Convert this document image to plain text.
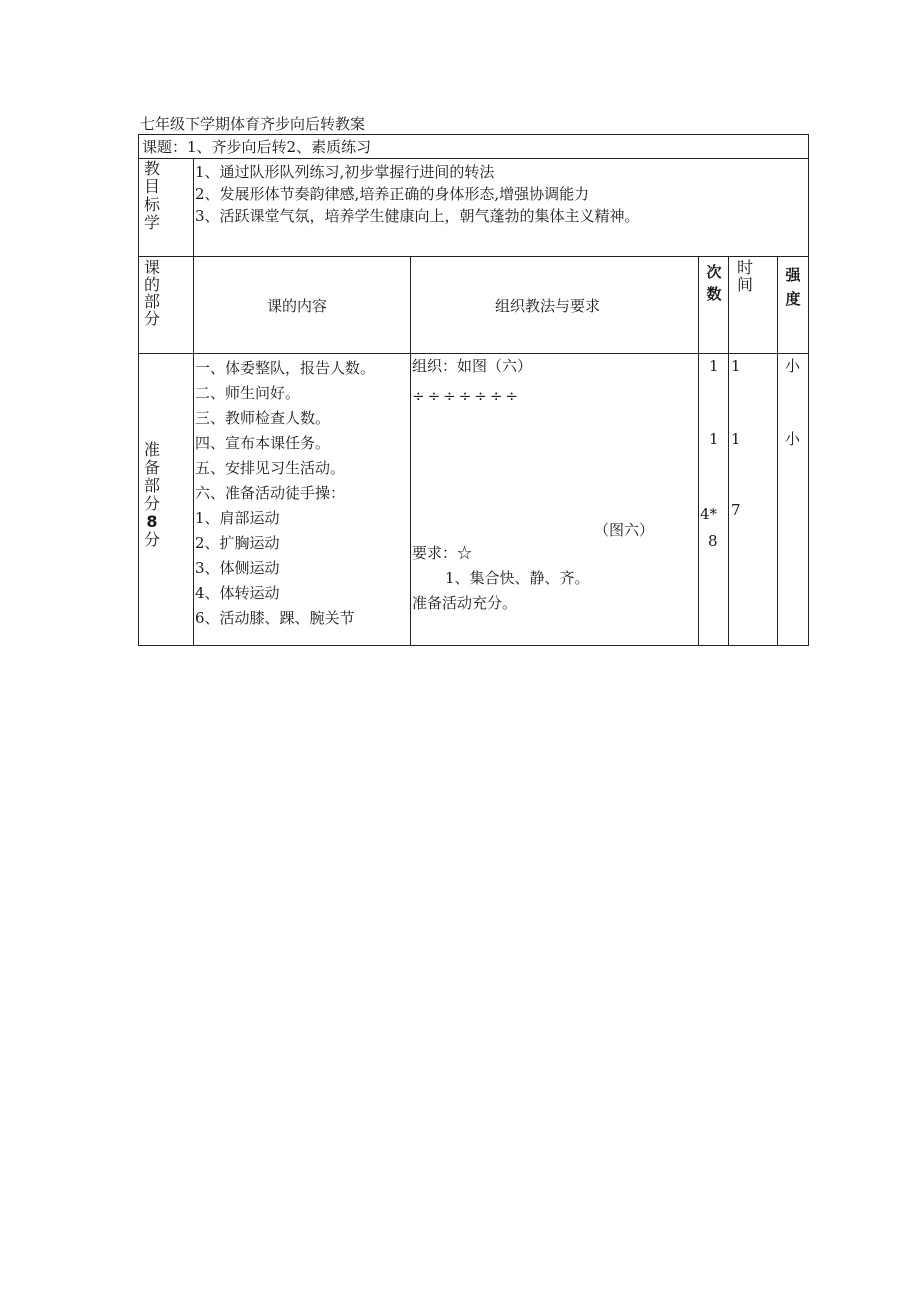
七年级下学期体育齐步向后转教案
课题：1、齐步向后转2、素质练习
教
目
标
学
1、通过队形队列练习,初步掌握行进间的转法
2、发展形体节奏韵律感,培养正确的身体形态,增强协调能力
3、活跃课堂气氛，培养学生健康向上，朝气蓬勃的集体主义精神。
课
的
部
分
课的内容	组织教法与要求
次
数
时
间 强
度
准
备
部
分
8
分
一、体委整队，报告人数。
二、师生问好。
三、教师检查人数。
四、宣布本课任务。
五、安排见习生活动。
六、准备活动徒手操：
1、肩部运动
2、扩胸运动
3、体侧运动
4、体转运动
6、活动膝、踝、腕关节
组织：如图（六）
÷÷÷÷÷÷÷
（图六）
要求：☆
1、集合快、静、齐。
准备活动充分。
1
1
4*
8
1
1
7
小
小
